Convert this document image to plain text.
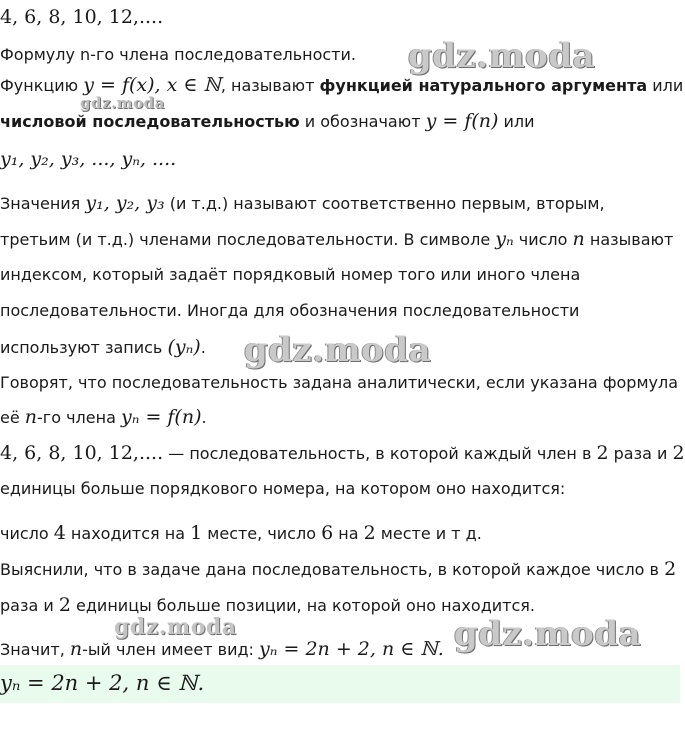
gdz.moda
gdz.moda
gdz.moda
gdz.moda	gdz.moda
4, 6, 8, 10, 12,....
Формулу n-го члена последовательности.
Функцию y = f(x), x ∈ ℕ, называют функцией натурального аргумента или
числовой последовательностью и обозначают y = f(n) или
y₁, y₂, y₃, ..., yₙ, ....
Значения y₁, y₂, y₃ (и т.д.) называют соответственно первым, вторым,
третьим (и т.д.) членами последовательности. В символе yₙ число n называют
индексом, который задаёт порядковый номер того или иного члена
последовательности. Иногда для обозначения последовательности
используют запись (yₙ).
Говорят, что последовательность задана аналитически, если указана формула
её n-го члена yₙ = f(n).
4, 6, 8, 10, 12,.... — последовательность, в которой каждый член в 2 раза и 2
единицы больше порядкового номера, на котором оно находится:
число 4 находится на 1 месте, число 6 на 2 месте и т д.
Выяснили, что в задаче дана последовательность, в которой каждое число в 2
раза и 2 единицы больше позиции, на которой оно находится.
Значит, n-ый член имеет вид: yₙ = 2n + 2, n ∈ ℕ.
yₙ = 2n + 2, n ∈ ℕ.
